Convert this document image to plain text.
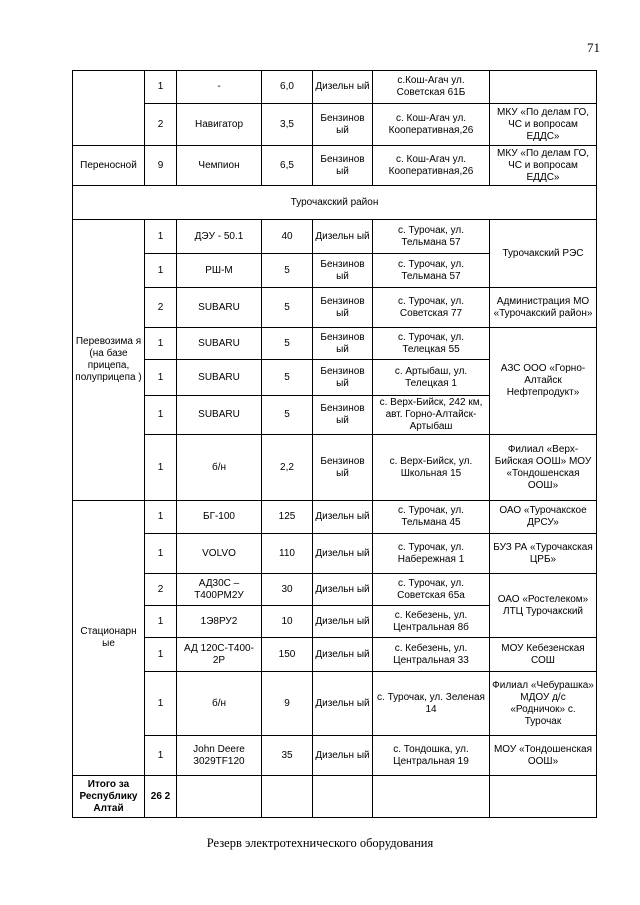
71
	1	-	6,0	Дизельн ый	с.Кош-Агач ул. Советская 61Б	
	2	Навигатор	3,5	Бензинов ый	с. Кош-Агач ул. Кооперативная,26	МКУ «По делам ГО, ЧС и вопросам ЕДДС»
Переносной	9	Чемпион	6,5	Бензинов ый	с. Кош-Агач ул. Кооперативная,26	МКУ «По делам ГО, ЧС и вопросам ЕДДС»
Турочакский район						
Перевозима я (на базе прицепа, полуприцепа )	1	ДЭУ - 50.1	40	Дизельн ый	с. Турочак, ул. Тельмана 57	Турочакский РЭС
	1	РШ-М	5	Бензинов ый	с. Турочак, ул. Тельмана 57	
	2	SUBARU	5	Бензинов ый	с. Турочак, ул. Советская 77	Администрация МО «Турочакский район»
	1	SUBARU	5	Бензинов ый	с. Турочак, ул. Телецкая 55	АЗС ООО «Горно-Алтайск Нефтепродукт»
	1	SUBARU	5	Бензинов ый	с. Артыбаш, ул. Телецкая 1	
	1	SUBARU	5	Бензинов ый	с. Верх-Бийск, 242 км, авт. Горно-Алтайск- Артыбаш	
	1	б/н	2,2	Бензинов ый	с. Верх-Бийск, ул. Школьная 15	Филиал «Верх-Бийская ООШ» МОУ «Тондошенская ООШ»
Стационарн ые	1	БГ-100	125	Дизельн ый	с. Турочак, ул. Тельмана 45	ОАО «Турочакское ДРСУ»
	1	VOLVO	110	Дизельн ый	с. Турочак, ул. Набережная 1	БУЗ РА «Турочакская ЦРБ»
	2	АД30С – Т400РМ2У	30	Дизельн ый	с. Турочак, ул. Советская 65а	ОАО «Ростелеком» ЛТЦ Турочакский
	1	1Э8РУ2	10	Дизельн ый	с. Кебезень, ул. Центральная 8б	
	1	АД 120С-Т400-2Р	150	Дизельн ый	с. Кебезень, ул. Центральная 33	МОУ Кебезенская СОШ
	1	б/н	9	Дизельн ый	с. Турочак, ул. Зеленая 14	Филиал «Чебурашка» МДОУ д/с «Родничок» с. Турочак
	1	John Deere 3029TF120	35	Дизельн ый	с. Тондошка, ул. Центральная 19	МОУ «Тондошенская ООШ»
Итого за Республику Алтай	26 2					
Резерв электротехнического оборудования
